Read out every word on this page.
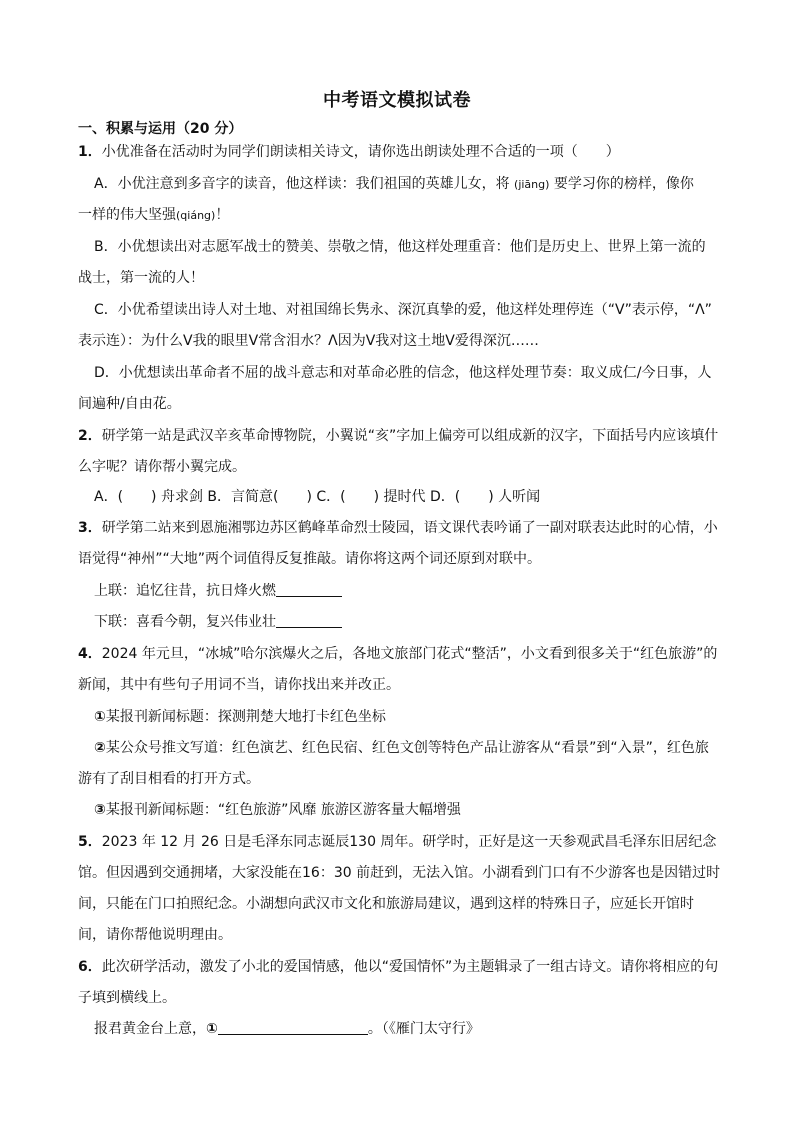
中考语文模拟试卷
一、积累与运用（20 分）
1．小优准备在活动时为同学们朗读相关诗文，请你选出朗读处理不合适的一项（　　）
A．小优注意到多音字的读音，他这样读：我们祖国的英雄儿女，将 (jiāng) 要学习你的榜样，像你
一样的伟大坚强(qiáng)！
B．小优想读出对志愿军战士的赞美、崇敬之情，他这样处理重音：他们是历史上、世界上第一流的
战士，第一流的人！
C．小优希望读出诗人对土地、对祖国绵长隽永、深沉真挚的爱，他这样处理停连（“V”表示停，“Λ”
表示连）：为什么V我的眼里V常含泪水？Λ因为V我对这土地V爱得深沉……
D．小优想读出革命者不屈的战斗意志和对革命必胜的信念，他这样处理节奏：取义成仁/今日事，人
间遍种/自由花。
2．研学第一站是武汉辛亥革命博物院，小翼说“亥”字加上偏旁可以组成新的汉字，下面括号内应该填什
么字呢？请你帮小翼完成。
A．(　　) 舟求剑 B．言简意(　　) C．(　　) 提时代 D．(　　) 人听闻
3．研学第二站来到恩施湘鄂边苏区鹤峰革命烈士陵园，语文课代表吟诵了一副对联表达此时的心情，小
语觉得“神州”“大地”两个词值得反复推敲。请你将这两个词还原到对联中。
上联：追忆往昔，抗日烽火燃
下联：喜看今朝，复兴伟业壮
4．2024 年元旦，“冰城”哈尔滨爆火之后，各地文旅部门花式“整活”，小文看到很多关于“红色旅游”的
新闻，其中有些句子用词不当，请你找出来并改正。
①某报刊新闻标题：探测荆楚大地打卡红色坐标
②某公众号推文写道：红色演艺、红色民宿、红色文创等特色产品让游客从“看景”到“入景”，红色旅
游有了刮目相看的打开方式。
③某报刊新闻标题：“红色旅游”风靡 旅游区游客量大幅增强
5．2023 年 12 月 26 日是毛泽东同志诞辰130 周年。研学时，正好是这一天参观武昌毛泽东旧居纪念
馆。但因遇到交通拥堵，大家没能在16：30 前赶到，无法入馆。小湖看到门口有不少游客也是因错过时
间，只能在门口拍照纪念。小湖想向武汉市文化和旅游局建议，遇到这样的特殊日子，应延长开馆时
间，请你帮他说明理由。
6．此次研学活动，激发了小北的爱国情感，他以“爱国情怀”为主题辑录了一组古诗文。请你将相应的句
子填到横线上。
报君黄金台上意，①	。（《雁门太守行》
